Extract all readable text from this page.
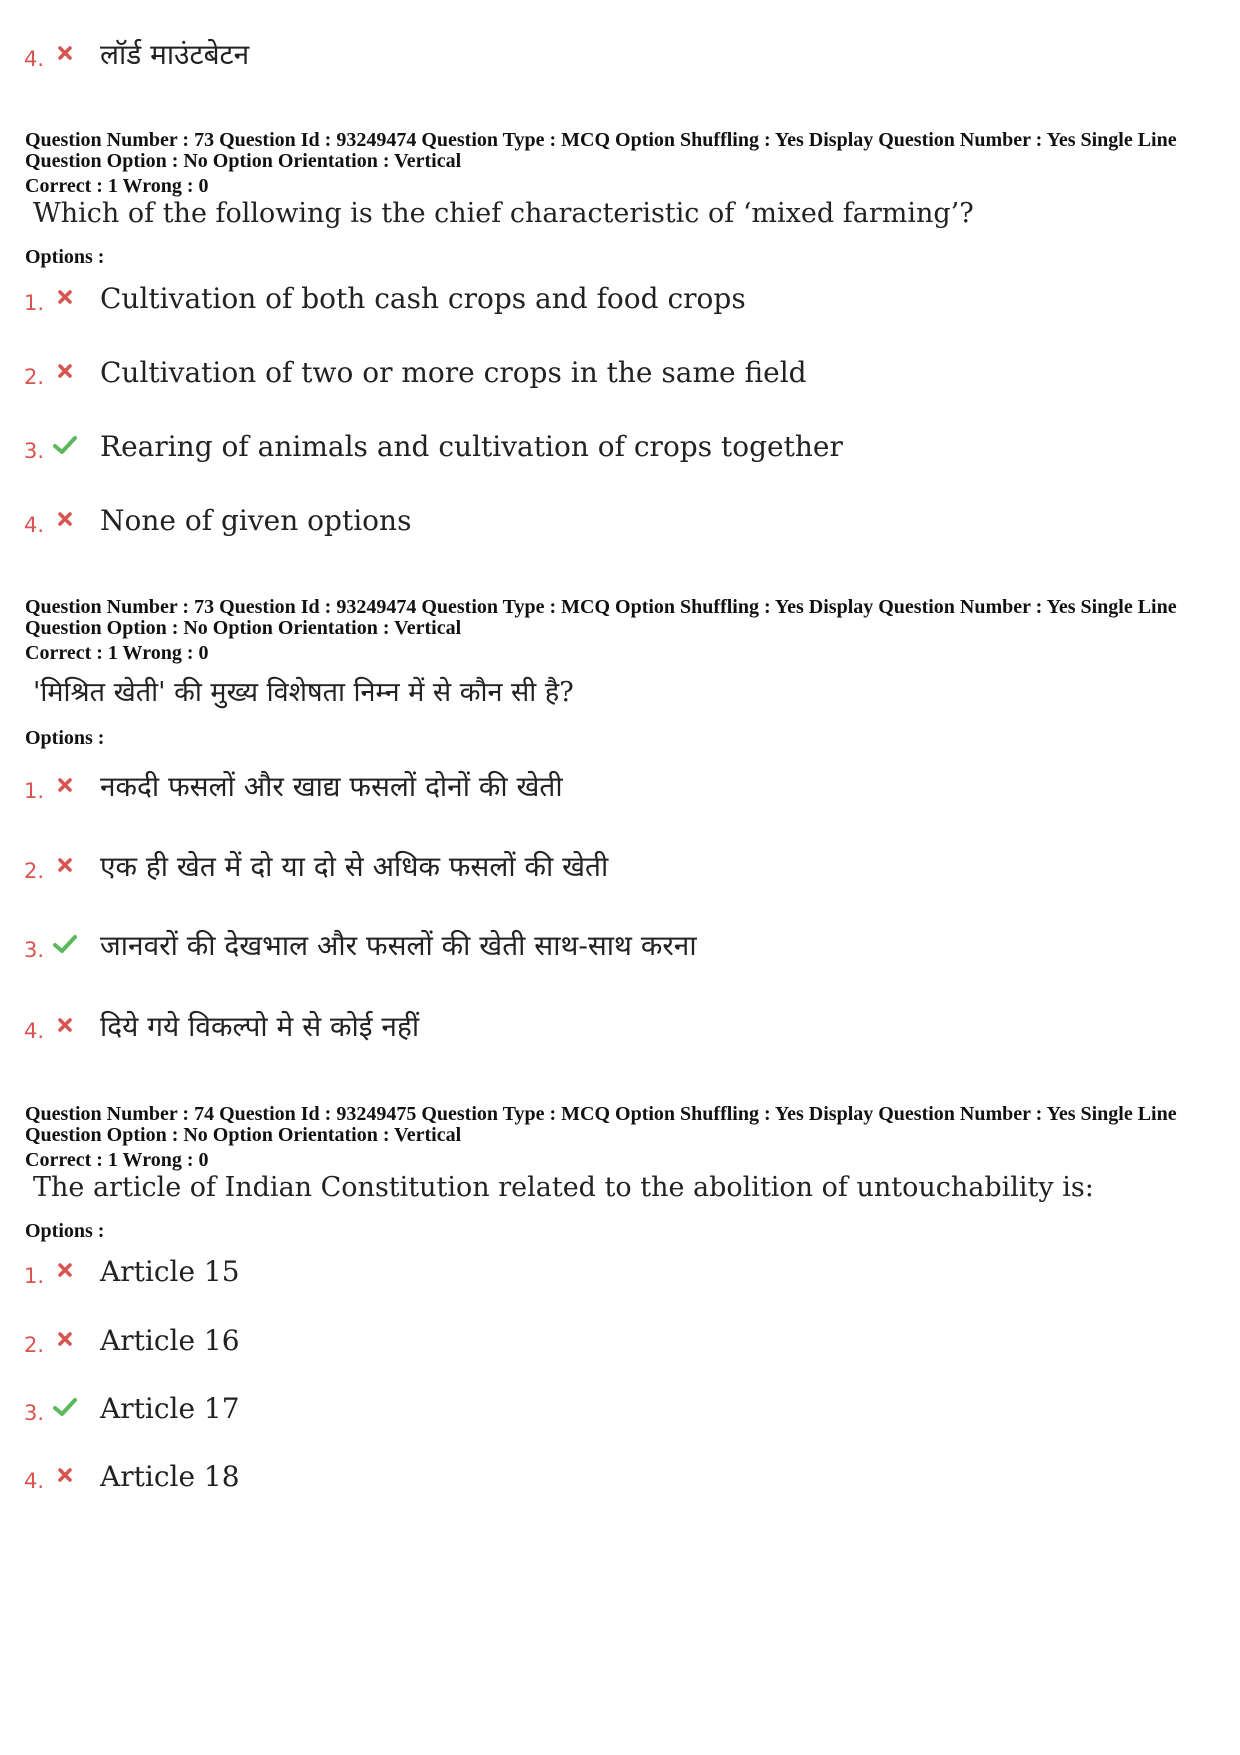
4. लॉर्ड माउंटबेटन
Question Number : 73 Question Id : 93249474 Question Type : MCQ Option Shuffling : Yes Display Question Number : Yes Single Line Question Option : No Option Orientation : Vertical
Correct : 1 Wrong : 0
Which of the following is the chief characteristic of ‘mixed farming’?
Options :
1. Cultivation of both cash crops and food crops
2. Cultivation of two or more crops in the same field
3. Rearing of animals and cultivation of crops together
4. None of given options
Question Number : 73 Question Id : 93249474 Question Type : MCQ Option Shuffling : Yes Display Question Number : Yes Single Line Question Option : No Option Orientation : Vertical
Correct : 1 Wrong : 0
'मिश्रित खेती' की मुख्य विशेषता निम्न में से कौन सी है?
Options :
1. नकदी फसलों और खाद्य फसलों दोनों की खेती
2. एक ही खेत में दो या दो से अधिक फसलों की खेती
3. जानवरों की देखभाल और फसलों की खेती साथ-साथ करना
4. दिये गये विकल्पो मे से कोई नहीं
Question Number : 74 Question Id : 93249475 Question Type : MCQ Option Shuffling : Yes Display Question Number : Yes Single Line Question Option : No Option Orientation : Vertical
Correct : 1 Wrong : 0
The article of Indian Constitution related to the abolition of untouchability is:
Options :
1. Article 15
2. Article 16
3. Article 17
4. Article 18
